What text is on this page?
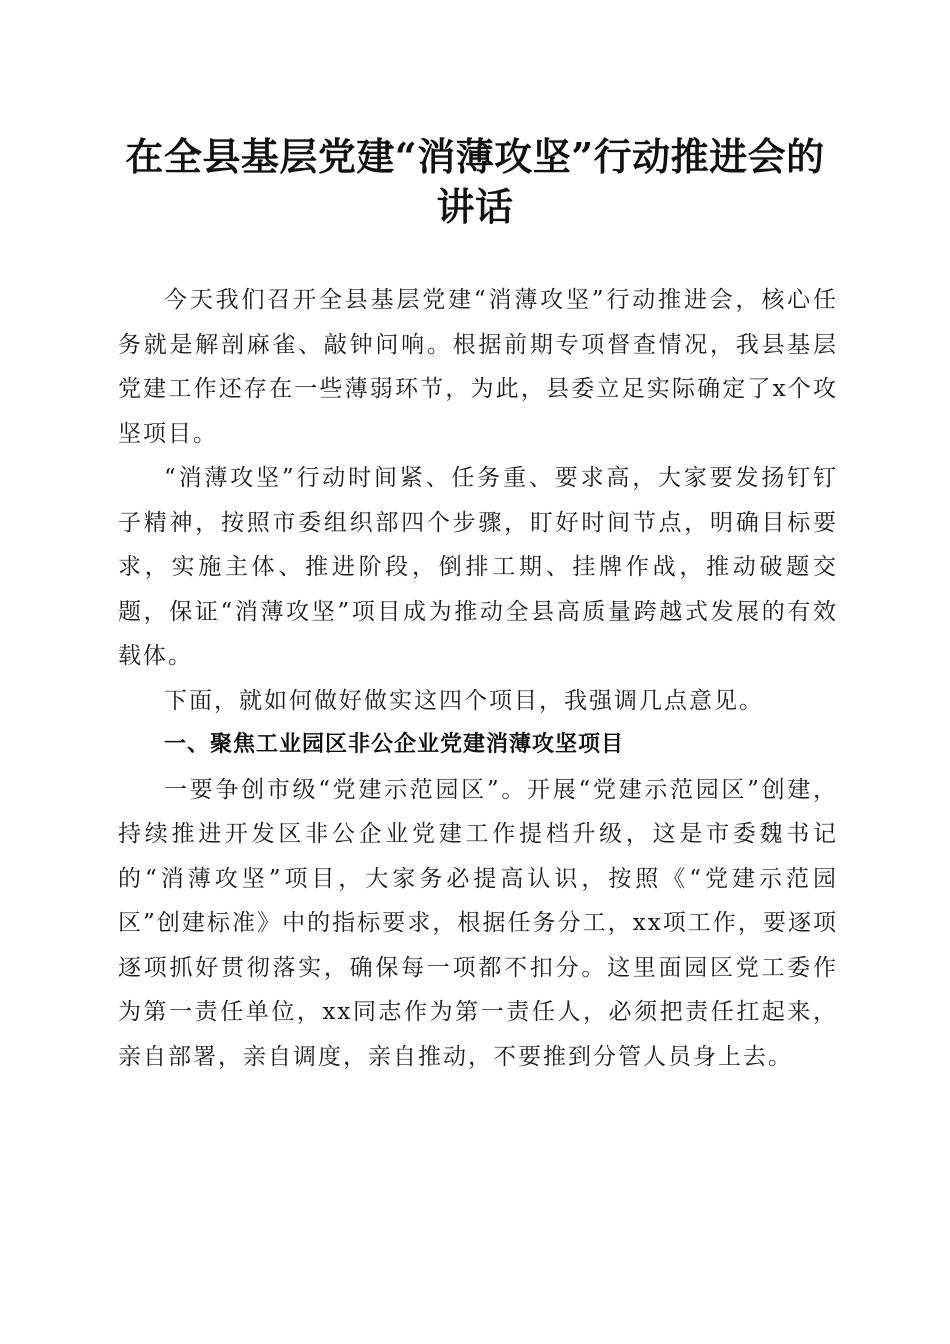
在全县基层党建“消薄攻坚”行动推进会的讲话

今天我们召开全县基层党建“消薄攻坚”行动推进会，核心任务就是解剖麻雀、敲钟问响。根据前期专项督查情况，我县基层党建工作还存在一些薄弱环节，为此，县委立足实际确定了x个攻坚项目。

“消薄攻坚”行动时间紧、任务重、要求高，大家要发扬钉钉子精神，按照市委组织部四个步骤，盯好时间节点，明确目标要求，实施主体、推进阶段，倒排工期、挂牌作战，推动破题交题，保证“消薄攻坚”项目成为推动全县高质量跨越式发展的有效载体。

下面，就如何做好做实这四个项目，我强调几点意见。

一、聚焦工业园区非公企业党建消薄攻坚项目

一要争创市级“党建示范园区”。开展“党建示范园区”创建，持续推进开发区非公企业党建工作提档升级，这是市委魏书记的“消薄攻坚”项目，大家务必提高认识，按照《“党建示范园区”创建标准》中的指标要求，根据任务分工，xx项工作，要逐项逐项抓好贯彻落实，确保每一项都不扣分。这里面园区党工委作为第一责任单位，xx同志作为第一责任人，必须把责任扛起来，亲自部署，亲自调度，亲自推动，不要推到分管人员身上去。
